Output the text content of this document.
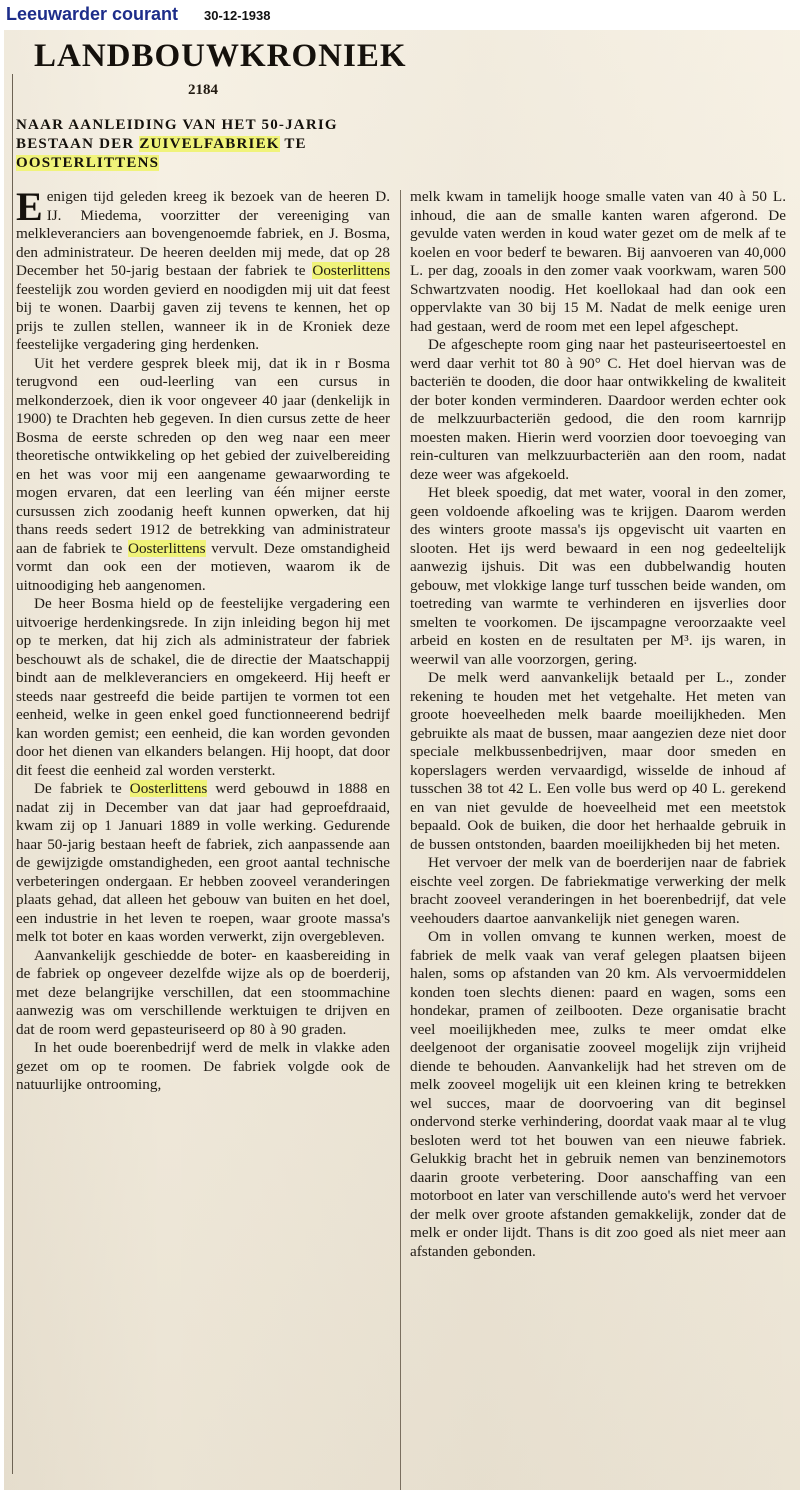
Leeuwarder courant 30-12-1938
LANDBOUWKRONIEK
2184
NAAR AANLEIDING VAN HET 50-JARIG
BESTAAN DER ZUIVELFABRIEK TE
OOSTERLITTENS

Eenigen tijd geleden kreeg ik bezoek van de heeren D. IJ. Miedema, voorzitter der vereeniging van melkleveranciers aan bovengenoemde fabriek, en J. Bosma, den administrateur. De heeren deelden mij mede, dat op 28 December het 50-jarig bestaan der fabriek te Oosterlittens feestelijk zou worden gevierd en noodigden mij uit dat feest bij te wonen. Daarbij gaven zij tevens te kennen, het op prijs te zullen stellen, wanneer ik in de Kroniek deze feestelijke vergadering ging herdenken.

Uit het verdere gesprek bleek mij, dat ik in r Bosma terugvond een oud-leerling van een cursus in melkonderzoek, dien ik voor ongeveer 40 jaar (denkelijk in 1900) te Drachten heb gegeven. In dien cursus zette de heer Bosma de eerste schreden op den weg naar een meer theoretische ontwikkeling op het gebied der zuivelbereiding en het was voor mij een aangename gewaarwording te mogen ervaren, dat een leerling van één mijner eerste cursussen zich zoodanig heeft kunnen opwerken, dat hij thans reeds sedert 1912 de betrekking van administrateur aan de fabriek te Oosterlittens vervult. Deze omstandigheid vormt dan ook een der motieven, waarom ik de uitnoodiging heb aangenomen.

De heer Bosma hield op de feestelijke vergadering een uitvoerige herdenkingsrede. In zijn inleiding begon hij met op te merken, dat hij zich als administrateur der fabriek beschouwt als de schakel, die de directie der Maatschappij bindt aan de melkleveranciers en omgekeerd. Hij heeft er steeds naar gestreefd die beide partijen te vormen tot een eenheid, welke in geen enkel goed functionneerend bedrijf kan worden gemist; een eenheid, die kan worden gevonden door het dienen van elkanders belangen. Hij hoopt, dat door dit feest die eenheid zal worden versterkt.

De fabriek te Oosterlittens werd gebouwd in 1888 en nadat zij in December van dat jaar had geproefdraaid, kwam zij op 1 Januari 1889 in volle werking. Gedurende haar 50-jarig bestaan heeft de fabriek, zich aanpassende aan de gewijzigde omstandigheden, een groot aantal technische verbeteringen ondergaan. Er hebben zooveel veranderingen plaats gehad, dat alleen het gebouw van buiten en het doel, een industrie in het leven te roepen, waar groote massa's melk tot boter en kaas worden verwerkt, zijn overgebleven.

Aanvankelijk geschiedde de boter- en kaasbereiding in de fabriek op ongeveer dezelfde wijze als op de boerderij, met deze belangrijke verschillen, dat een stoommachine aanwezig was om verschillende werktuigen te drijven en dat de room werd gepasteuriseerd op 80 à 90 graden.

In het oude boerenbedrijf werd de melk in vlakke aden gezet om op te roomen. De fabriek volgde ook de natuurlijke ontrooming,

melk kwam in tamelijk hooge smalle vaten van 40 à 50 L. inhoud, die aan de smalle kanten waren afgerond. De gevulde vaten werden in koud water gezet om de melk af te koelen en voor bederf te bewaren. Bij aanvoeren van 40,000 L. per dag, zooals in den zomer vaak voorkwam, waren 500 Schwartzvaten noodig. Het koellokaal had dan ook een oppervlakte van 30 bij 15 M. Nadat de melk eenige uren had gestaan, werd de room met een lepel afgeschept.

De afgeschepte room ging naar het pasteuriseertoestel en werd daar verhit tot 80 à 90° C. Het doel hiervan was de bacteriën te dooden, die door haar ontwikkeling de kwaliteit der boter konden verminderen. Daardoor werden echter ook de melkzuurbacteriën gedood, die den room karnrijp moesten maken. Hierin werd voorzien door toevoeging van rein-culturen van melkzuurbacteriën aan den room, nadat deze weer was afgekoeld.

Het bleek spoedig, dat met water, vooral in den zomer, geen voldoende afkoeling was te krijgen. Daarom werden des winters groote massa's ijs opgevischt uit vaarten en slooten. Het ijs werd bewaard in een nog gedeeltelijk aanwezig ijshuis. Dit was een dubbelwandig houten gebouw, met vlokkige lange turf tusschen beide wanden, om toetreding van warmte te verhinderen en ijsverlies door smelten te voorkomen. De ijscampagne veroorzaakte veel arbeid en kosten en de resultaten per M³. ijs waren, in weerwil van alle voorzorgen, gering.

De melk werd aanvankelijk betaald per L., zonder rekening te houden met het vetgehalte. Het meten van groote hoeveelheden melk baarde moeilijkheden. Men gebruikte als maat de bussen, maar aangezien deze niet door speciale melkbussenbedrijven, maar door smeden en koperslagers werden vervaardigd, wisselde de inhoud af tusschen 38 tot 42 L. Een volle bus werd op 40 L. gerekend en van niet gevulde de hoeveelheid met een meetstok bepaald. Ook de buiken, die door het herhaalde gebruik in de bussen ontstonden, baarden moeilijkheden bij het meten.

Het vervoer der melk van de boerderijen naar de fabriek eischte veel zorgen. De fabriekmatige verwerking der melk bracht zooveel veranderingen in het boerenbedrijf, dat vele veehouders daartoe aanvankelijk niet genegen waren.

Om in vollen omvang te kunnen werken, moest de fabriek de melk vaak van veraf gelegen plaatsen bijeen halen, soms op afstanden van 20 km. Als vervoermiddelen konden toen slechts dienen: paard en wagen, soms een hondekar, pramen of zeilbooten. Deze organisatie bracht veel moeilijkheden mee, zulks te meer omdat elke deelgenoot der organisatie zooveel mogelijk zijn vrijheid diende te behouden. Aanvankelijk had het streven om de melk zooveel mogelijk uit een kleinen kring te betrekken wel succes, maar de doorvoering van dit beginsel ondervond sterke verhindering, doordat vaak maar al te vlug besloten werd tot het bouwen van een nieuwe fabriek. Gelukkig bracht het in gebruik nemen van benzinemotors daarin groote verbetering. Door aanschaffing van een motorboot en later van verschillende auto's werd het vervoer der melk over groote afstanden gemakkelijk, zonder dat de melk er onder lijdt. Thans is dit zoo goed als niet meer aan afstanden gebonden.
